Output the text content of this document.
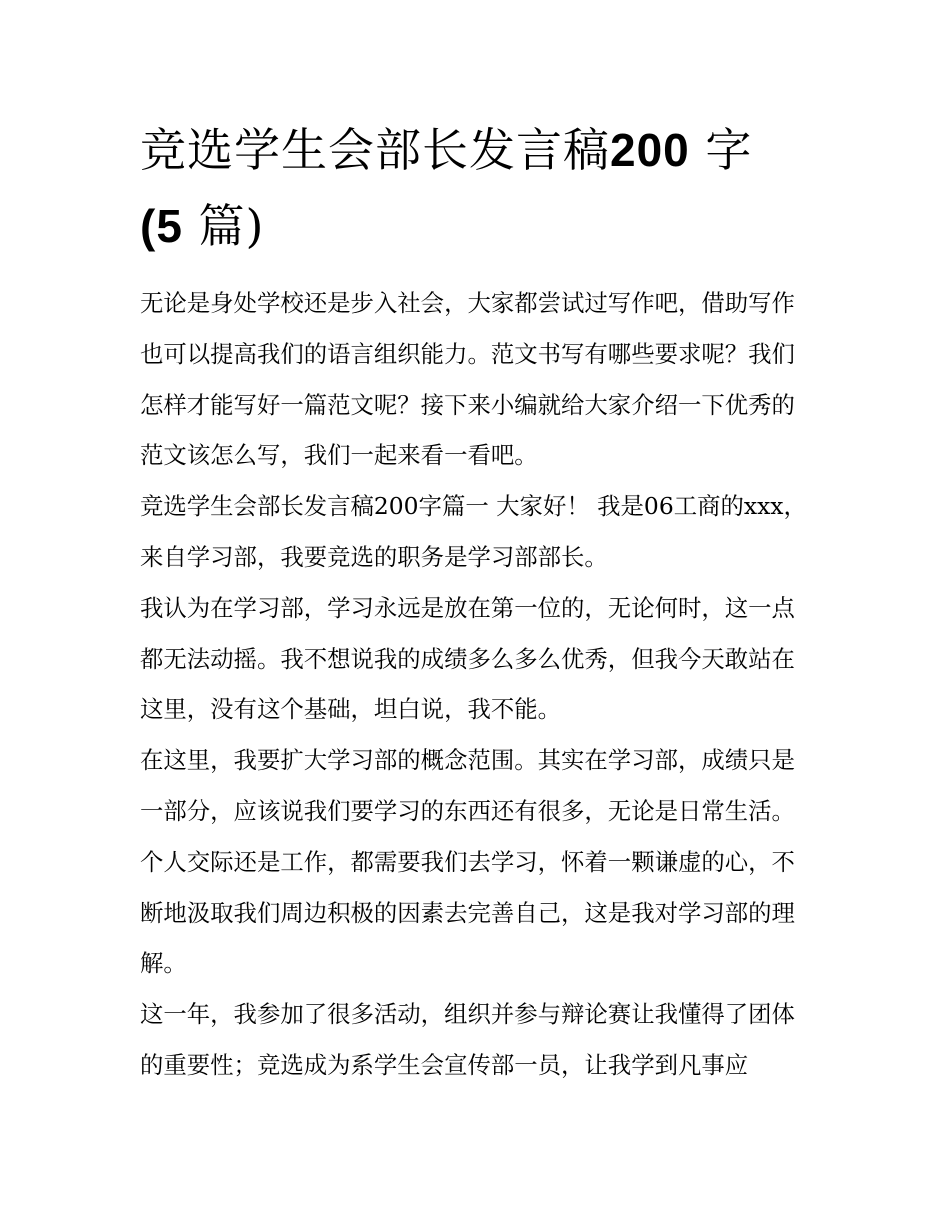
竞选学生会部长发言稿200 字
(5 篇)

无论是身处学校还是步入社会，大家都尝试过写作吧，借助写作也可以提高我们的语言组织能力。范文书写有哪些要求呢？我们怎样才能写好一篇范文呢？接下来小编就给大家介绍一下优秀的范文该怎么写，我们一起来看一看吧。

竞选学生会部长发言稿200字篇一 大家好！ 我是06工商的xxx，来自学习部，我要竞选的职务是学习部部长。

我认为在学习部，学习永远是放在第一位的，无论何时，这一点都无法动摇。我不想说我的成绩多么多么优秀，但我今天敢站在这里，没有这个基础，坦白说，我不能。

在这里，我要扩大学习部的概念范围。其实在学习部，成绩只是一部分，应该说我们要学习的东西还有很多，无论是日常生活。个人交际还是工作，都需要我们去学习，怀着一颗谦虚的心，不断地汲取我们周边积极的因素去完善自己，这是我对学习部的理解。

这一年，我参加了很多活动，组织并参与辩论赛让我懂得了团体的重要性；竞选成为系学生会宣传部一员，让我学到凡事应
